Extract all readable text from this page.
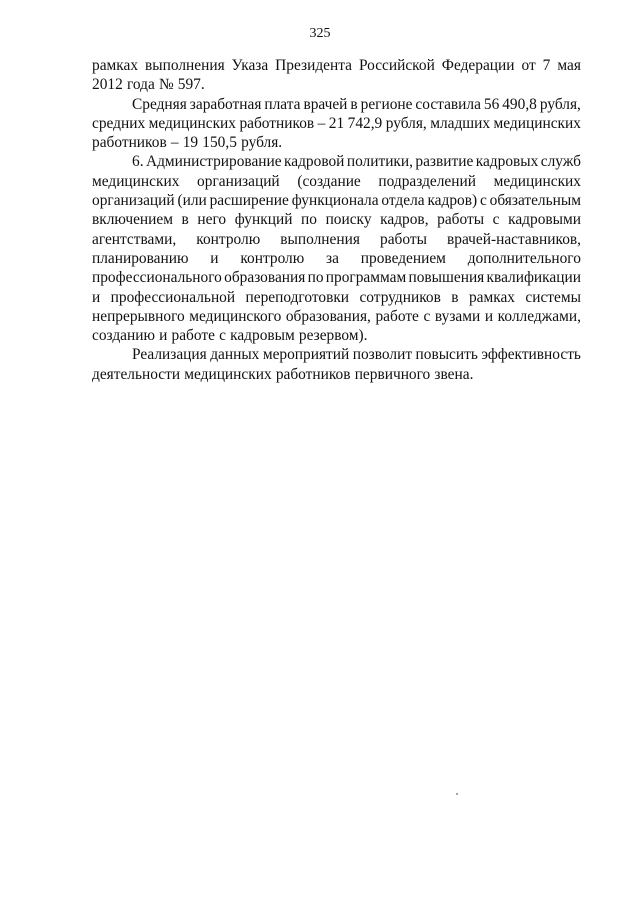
325
рамках выполнения Указа Президента Российской Федерации от 7 мая
2012 года № 597.
Средняя заработная плата врачей в регионе составила 56 490,8 рубля,
средних медицинских работников – 21 742,9 рубля, младших медицинских
работников – 19 150,5 рубля.
6. Администрирование кадровой политики, развитие кадровых служб
медицинских организаций (создание подразделений медицинских
организаций (или расширение функционала отдела кадров) с обязательным
включением в него функций по поиску кадров, работы с кадровыми
агентствами, контролю выполнения работы врачей-наставников,
планированию и контролю за проведением дополнительного
профессионального образования по программам повышения квалификации
и профессиональной переподготовки сотрудников в рамках системы
непрерывного медицинского образования, работе с вузами и колледжами,
созданию и работе с кадровым резервом).
Реализация данных мероприятий позволит повысить эффективность
деятельности медицинских работников первичного звена.
